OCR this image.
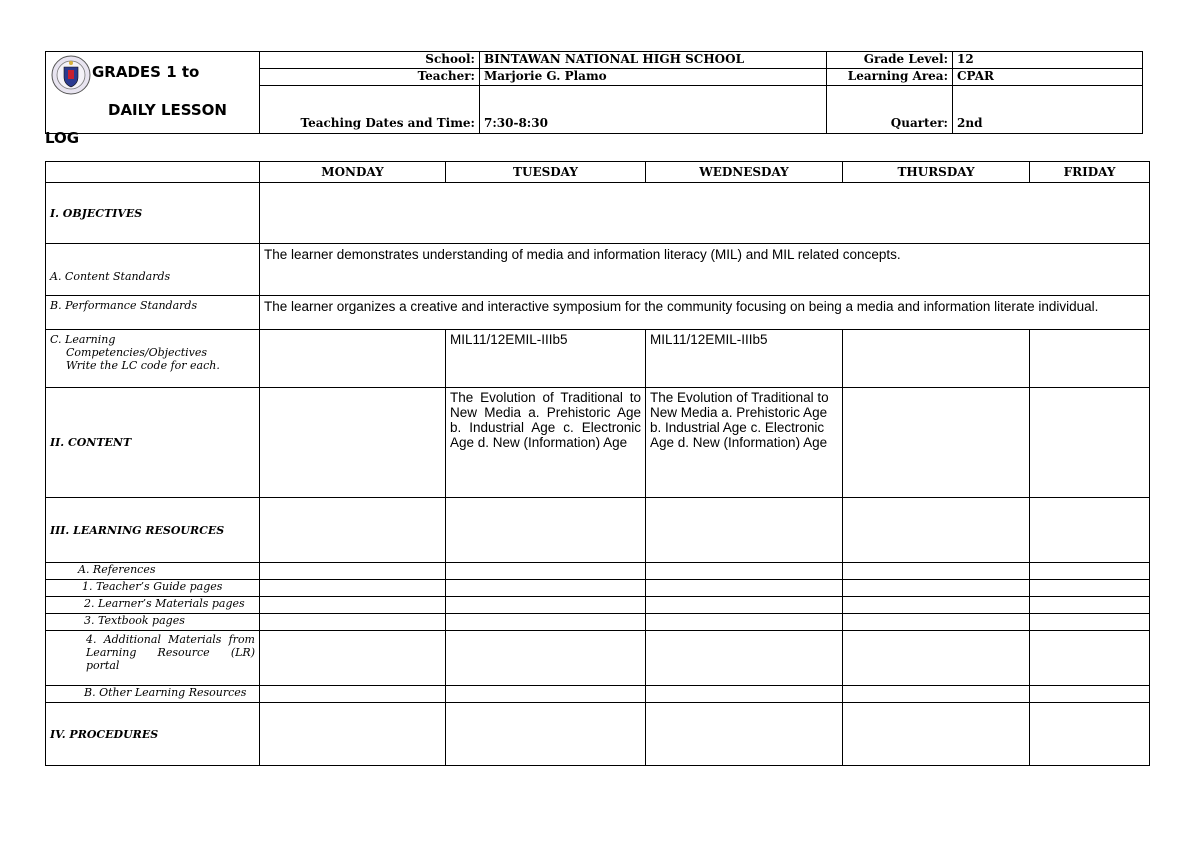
GRADES 1 to
DAILY LESSON
LOG	School:	BINTAWAN NATIONAL HIGH SCHOOL	Grade Level:	12
	Teacher:	Marjorie G. Plamo	Learning Area:	CPAR
	Teaching Dates and Time:	7:30-8:30	Quarter:	2nd
	MONDAY	TUESDAY	WEDNESDAY	THURSDAY	FRIDAY
I. OBJECTIVES					
A. Content Standards	The learner demonstrates understanding of media and information literacy (MIL) and MIL related concepts.				
B. Performance Standards	The learner organizes a creative and interactive symposium for the community focusing on being a media and information literate individual.				

C. Learning
Competencies/Objectives
Write the LC code for each.		MIL11/12EMIL-IIIb5	MIL11/12EMIL-IIIb5		
II. CONTENT		The Evolution of Traditional to New Media a. Prehistoric Age b. Industrial Age c. Electronic Age d. New (Information) Age	The Evolution of Traditional to New Media a. Prehistoric Age b. Industrial Age c. Electronic Age d. New (Information) Age		
III. LEARNING RESOURCES					
A. References					
1. Teacher’s Guide pages					
2. Learner’s Materials pages					
3. Textbook pages					
4. Additional Materials from Learning Resource (LR) portal					
B. Other Learning Resources					
IV. PROCEDURES					
